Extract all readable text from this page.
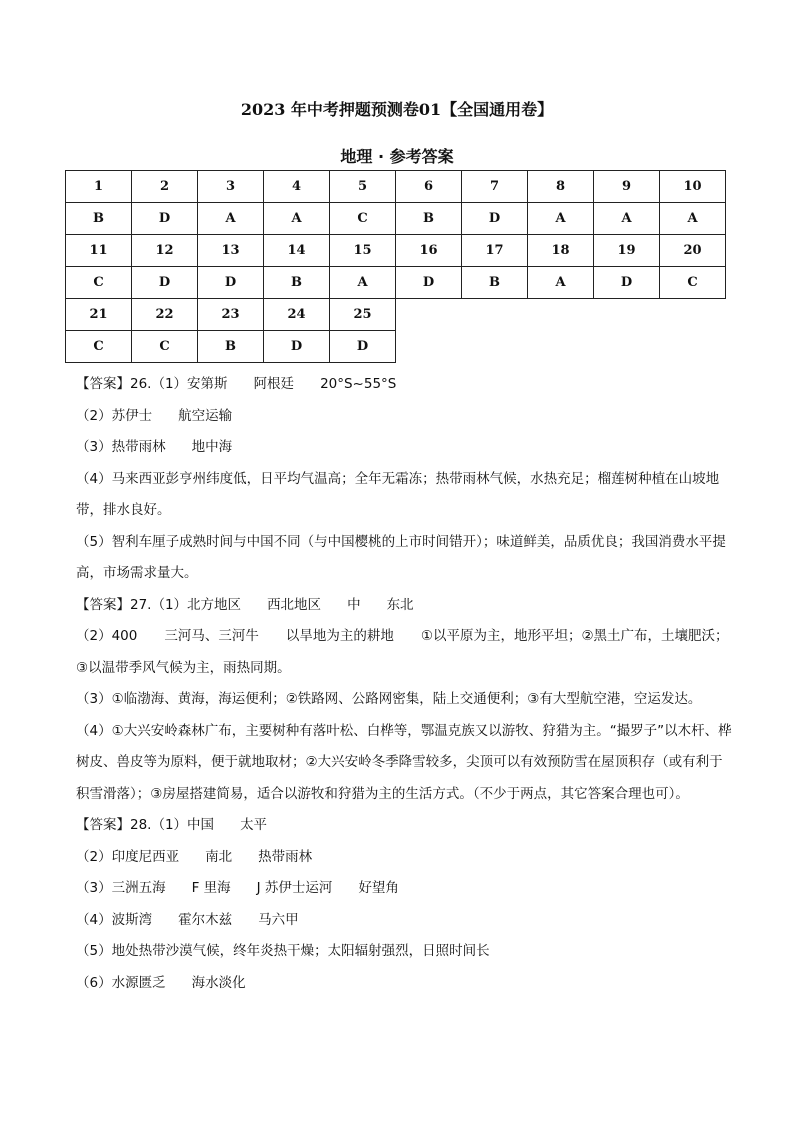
2023 年中考押题预测卷01【全国通用卷】
地理 · 参考答案
1	2	3	4	5	6	7	8	9	10
B	D	A	A	C	B	D	A	A	A
11	12	13	14	15	16	17	18	19	20
C	D	D	B	A	D	B	A	D	C
21	22	23	24	25					
C	C	B	D	D					
【答案】26.（1）安第斯 阿根廷 20°S~55°S
（2）苏伊士 航空运输
（3）热带雨林 地中海
（4）马来西亚彭亨州纬度低，日平均气温高；全年无霜冻；热带雨林气候，水热充足；榴莲树种植在山坡地带，排水良好。
（5）智利车厘子成熟时间与中国不同（与中国樱桃的上市时间错开）；味道鲜美，品质优良；我国消费水平提高，市场需求量大。
【答案】27.（1）北方地区 西北地区 中 东北
（2）400　　三河马、三河牛　　以旱地为主的耕地　　①以平原为主，地形平坦；②黑土广布，土壤肥沃；③以温带季风气候为主，雨热同期。
（3）①临渤海、黄海，海运便利；②铁路网、公路网密集，陆上交通便利；③有大型航空港，空运发达。
（4）①大兴安岭森林广布，主要树种有落叶松、白桦等，鄂温克族又以游牧、狩猎为主。“撮罗子”以木杆、桦树皮、兽皮等为原料，便于就地取材；②大兴安岭冬季降雪较多，尖顶可以有效预防雪在屋顶积存（或有利于积雪滑落）；③房屋搭建简易，适合以游牧和狩猎为主的生活方式。（不少于两点，其它答案合理也可）。
【答案】28.（1）中国 太平
（2）印度尼西亚 南北 热带雨林
（3）三洲五海 F 里海 J 苏伊士运河 好望角
（4）波斯湾 霍尔木兹 马六甲
（5）地处热带沙漠气候，终年炎热干燥；太阳辐射强烈，日照时间长
（6）水源匮乏 海水淡化
